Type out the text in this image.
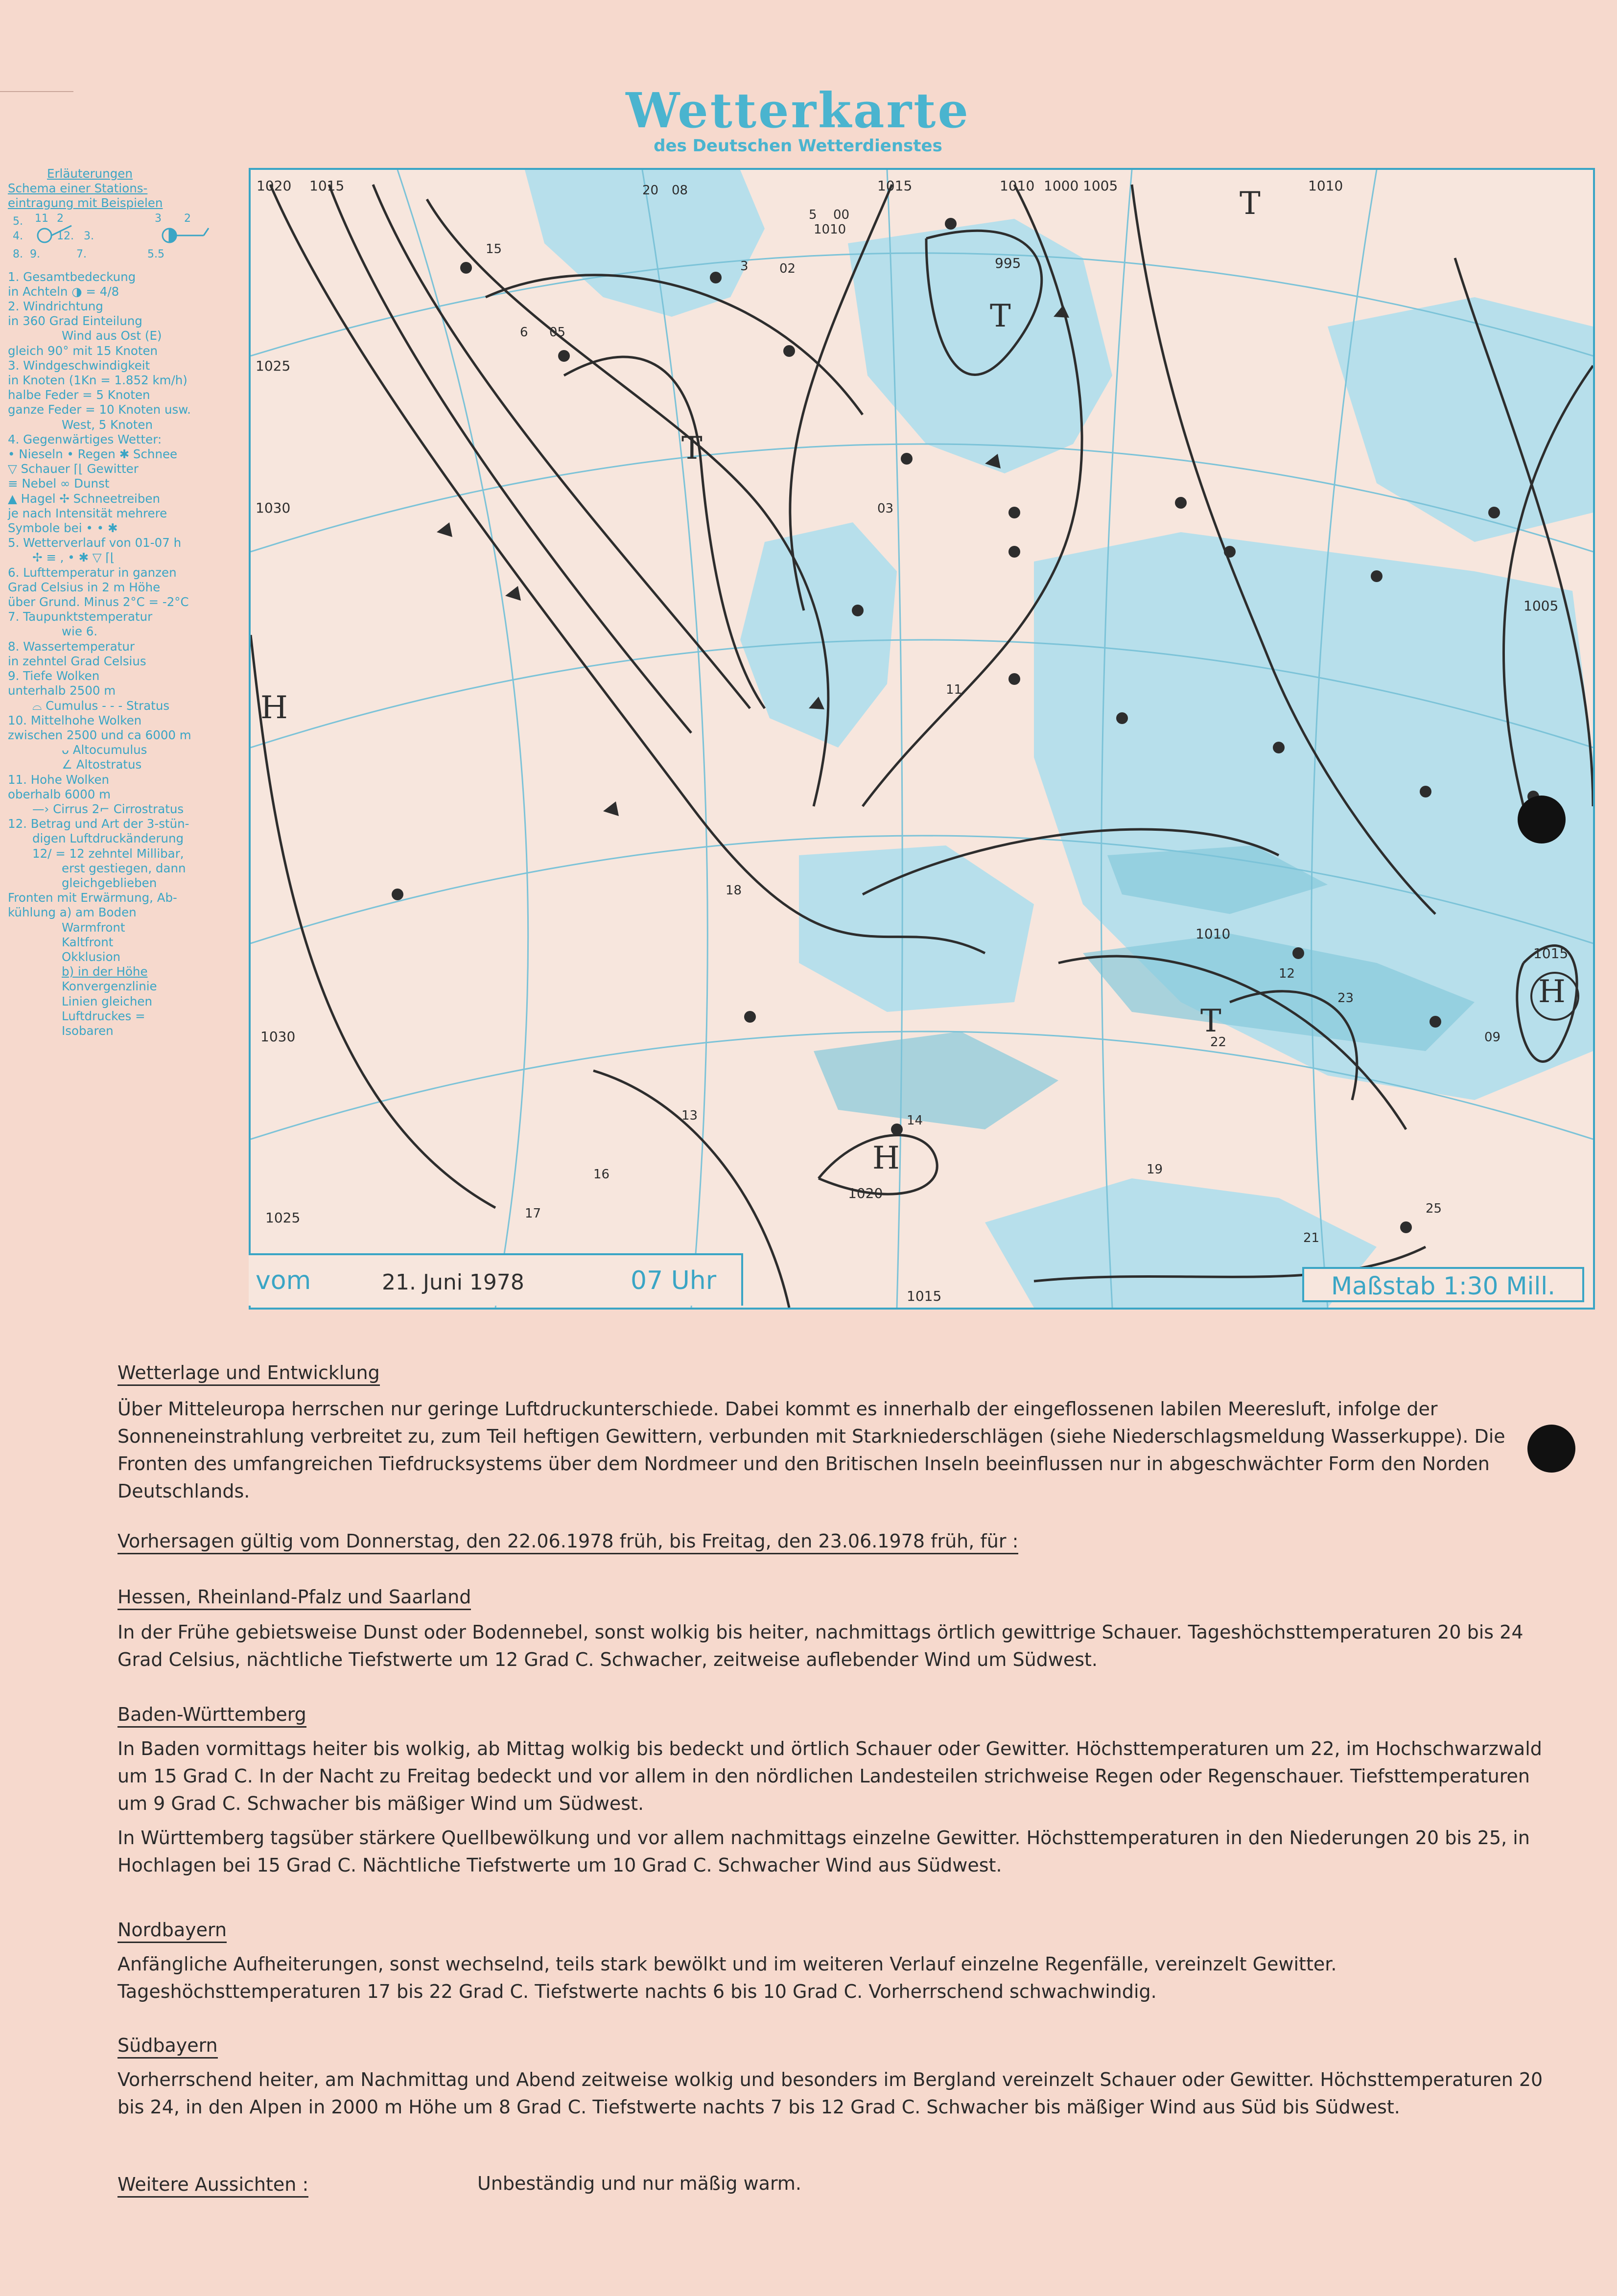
Wetterkarte
des Deutschen Wetterdienstes
Erläuterungen
Schema einer Stations-
eintragung mit Beispielen
5. 11 2
4.	12. 3.
8. 9.	7.
3 2
5.5
1. Gesamtbedeckung
in Achteln ◑ = 4/8
2. Windrichtung
in 360 Grad Einteilung
Wind aus Ost (E)
gleich 90° mit 15 Knoten
3. Windgeschwindigkeit
in Knoten (1Kn = 1.852 km/h)
halbe Feder = 5 Knoten
ganze Feder = 10 Knoten usw.
West, 5 Knoten
4. Gegenwärtiges Wetter:
• Nieseln • Regen ✱ Schnee
▽ Schauer ⌈⌊ Gewitter
≡ Nebel ∞ Dunst
▲ Hagel ✢ Schneetreiben
je nach Intensität mehrere
Symbole bei • • ✱
5. Wetterverlauf von 01-07 h
✢ ≡ , • ✱ ▽ ⌈⌊
6. Lufttemperatur in ganzen
Grad Celsius in 2 m Höhe
über Grund. Minus 2°C = -2°C
7. Taupunktstemperatur
wie 6.
8. Wassertemperatur
in zehntel Grad Celsius
9. Tiefe Wolken
unterhalb 2500 m
⌓ Cumulus - - - Stratus
10. Mittelhohe Wolken
zwischen 2500 und ca 6000 m
ᴗ Altocumulus
∠ Altostratus
11. Hohe Wolken
oberhalb 6000 m
—› Cirrus 2⌐ Cirrostratus
12. Betrag und Art der 3-stün-
digen Luftdruckänderung
12/ = 12 zehntel Millibar,
erst gestiegen, dann
gleichgeblieben
Fronten mit Erwärmung, Ab-
kühlung a) am Boden
Warmfront
Kaltfront
Okklusion
b) in der Höhe
Konvergenzlinie
Linien gleichen
Luftdruckes =
Isobaren
1020 1015	1015	1010	1005
1000	1010
1025
1030
1005
1010
1015
1025
1030
1015
995
1020
T
T
T
T
H
H
H
20 08
1010
5 00
3 02
6 05
15
03
12
14
18
22
23
17
11
13
16	19
25
21
09
vom	21. Juni 1978	07 Uhr	Maßstab 1:30 Mill.
Wetterlage und Entwicklung
Über Mitteleuropa herrschen nur geringe Luftdruckunterschiede. Dabei kommt es innerhalb der eingeflossenen labilen Meeresluft, infolge der Sonneneinstrahlung verbreitet zu, zum Teil heftigen Gewittern, verbunden mit Starkniederschlägen (siehe Niederschlagsmeldung Wasserkuppe). Die Fronten des umfangreichen Tiefdrucksystems über dem Nordmeer und den Britischen Inseln beeinflussen nur in abgeschwächter Form den Norden Deutschlands.
Vorhersagen gültig vom Donnerstag, den 22.06.1978 früh, bis Freitag, den 23.06.1978 früh, für :
Hessen, Rheinland-Pfalz und Saarland
In der Frühe gebietsweise Dunst oder Bodennebel, sonst wolkig bis heiter, nachmittags örtlich gewittrige Schauer. Tageshöchsttemperaturen 20 bis 24 Grad Celsius, nächtliche Tiefstwerte um 12 Grad C. Schwacher, zeitweise auflebender Wind um Südwest.
Baden-Württemberg
In Baden vormittags heiter bis wolkig, ab Mittag wolkig bis bedeckt und örtlich Schauer oder Gewitter. Höchsttemperaturen um 22, im Hochschwarzwald um 15 Grad C. In der Nacht zu Freitag bedeckt und vor allem in den nördlichen Landesteilen strichweise Regen oder Regenschauer. Tiefsttemperaturen um 9 Grad C. Schwacher bis mäßiger Wind um Südwest.
In Württemberg tagsüber stärkere Quellbewölkung und vor allem nachmittags einzelne Gewitter. Höchsttemperaturen in den Niederungen 20 bis 25, in Hochlagen bei 15 Grad C. Nächtliche Tiefstwerte um 10 Grad C. Schwacher Wind aus Südwest.
Nordbayern
Anfängliche Aufheiterungen, sonst wechselnd, teils stark bewölkt und im weiteren Verlauf einzelne Regenfälle, vereinzelt Gewitter. Tageshöchsttemperaturen 17 bis 22 Grad C. Tiefstwerte nachts 6 bis 10 Grad C. Vorherrschend schwachwindig.
Südbayern
Vorherrschend heiter, am Nachmittag und Abend zeitweise wolkig und besonders im Bergland vereinzelt Schauer oder Gewitter. Höchsttemperaturen 20 bis 24, in den Alpen in 2000 m Höhe um 8 Grad C. Tiefstwerte nachts 7 bis 12 Grad C. Schwacher bis mäßiger Wind aus Süd bis Südwest.
Weitere Aussichten :	Unbeständig und nur mäßig warm.
